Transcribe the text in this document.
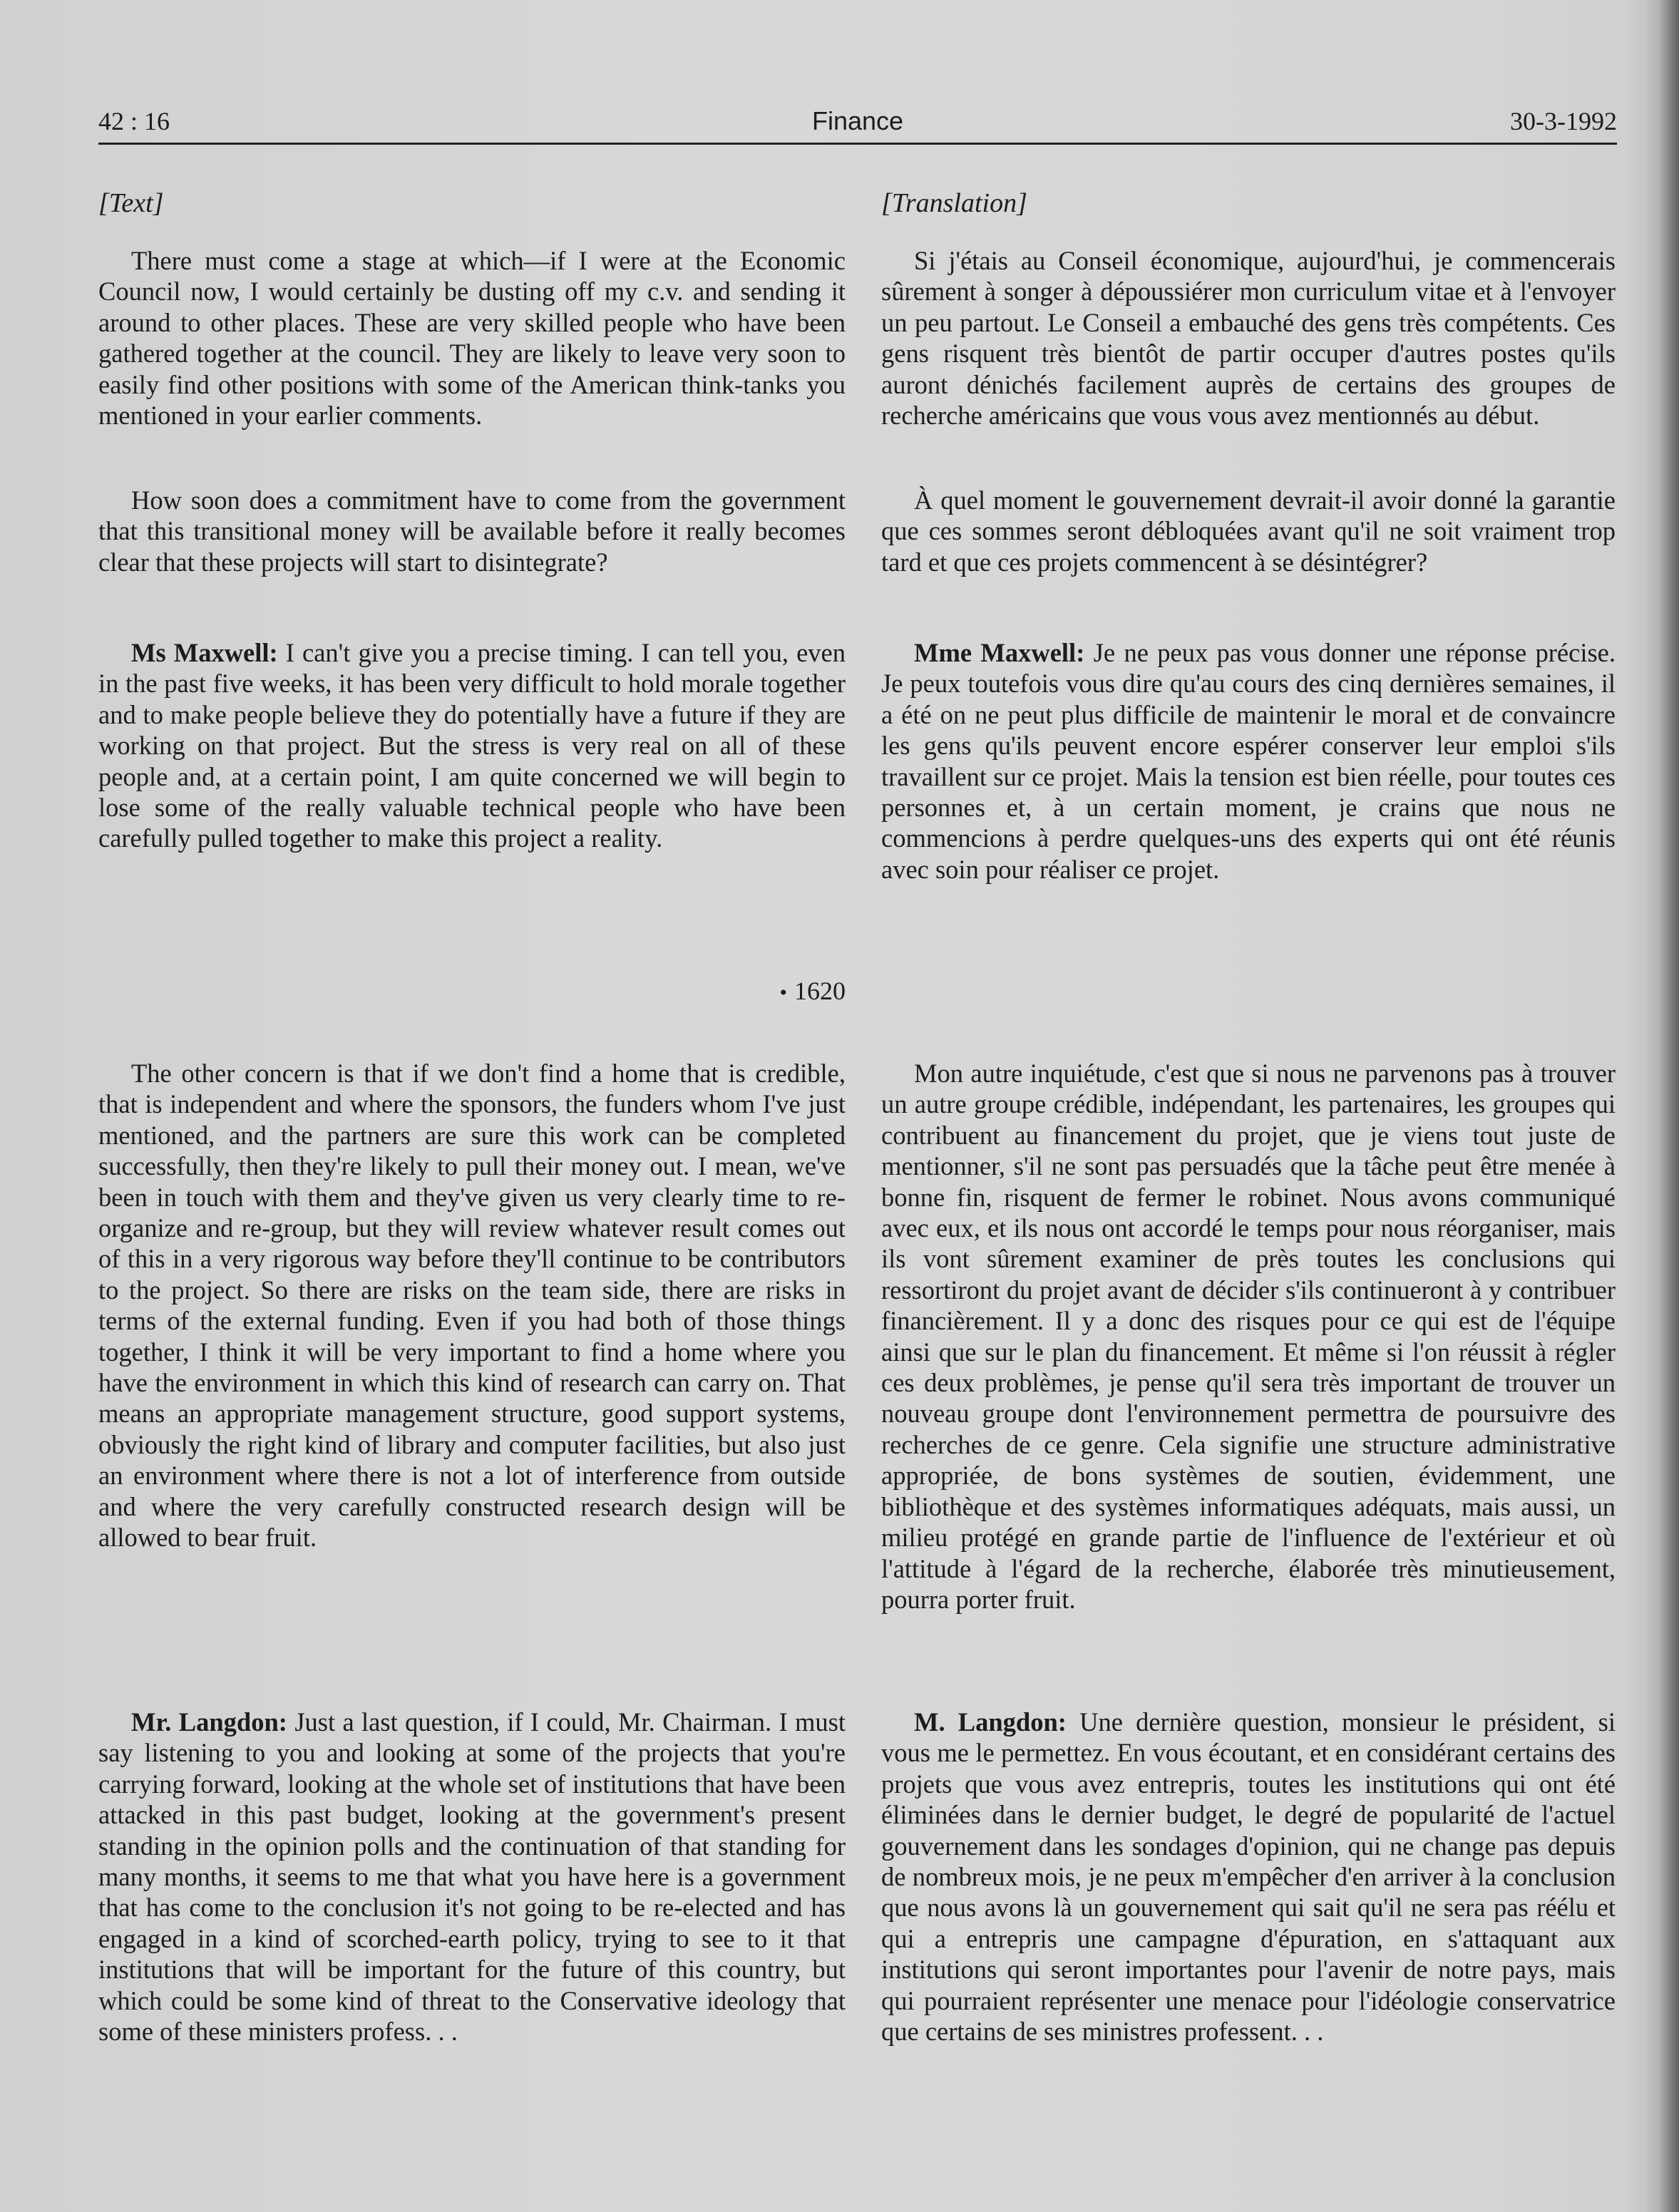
42 : 16	Finance	30-3-1992

[Text]

There must come a stage at which—if I were at the Economic Council now, I would certainly be dusting off my c.v. and sending it around to other places. These are very skilled people who have been gathered together at the council. They are likely to leave very soon to easily find other positions with some of the American think-tanks you mentioned in your earlier comments.

How soon does a commitment have to come from the government that this transitional money will be available before it really becomes clear that these projects will start to disintegrate?

Ms Maxwell: I can't give you a precise timing. I can tell you, even in the past five weeks, it has been very difficult to hold morale together and to make people believe they do potentially have a future if they are working on that project. But the stress is very real on all of these people and, at a certain point, I am quite concerned we will begin to lose some of the really valuable technical people who have been carefully pulled together to make this project a reality.

• 1620

The other concern is that if we don't find a home that is credible, that is independent and where the sponsors, the funders whom I've just mentioned, and the partners are sure this work can be completed successfully, then they're likely to pull their money out. I mean, we've been in touch with them and they've given us very clearly time to re-organize and re-group, but they will review whatever result comes out of this in a very rigorous way before they'll continue to be contributors to the project. So there are risks on the team side, there are risks in terms of the external funding. Even if you had both of those things together, I think it will be very important to find a home where you have the environment in which this kind of research can carry on. That means an appropriate management structure, good support systems, obviously the right kind of library and computer facilities, but also just an environment where there is not a lot of interference from outside and where the very carefully constructed research design will be allowed to bear fruit.

Mr. Langdon: Just a last question, if I could, Mr. Chairman. I must say listening to you and looking at some of the projects that you're carrying forward, looking at the whole set of institutions that have been attacked in this past budget, looking at the government's present standing in the opinion polls and the continuation of that standing for many months, it seems to me that what you have here is a government that has come to the conclusion it's not going to be re-elected and has engaged in a kind of scorched-earth policy, trying to see to it that institutions that will be important for the future of this country, but which could be some kind of threat to the Conservative ideology that some of these ministers profess. . .

[Translation]

Si j'étais au Conseil économique, aujourd'hui, je commencerais sûrement à songer à dépoussiérer mon curriculum vitae et à l'envoyer un peu partout. Le Conseil a embauché des gens très compétents. Ces gens risquent très bientôt de partir occuper d'autres postes qu'ils auront dénichés facilement auprès de certains des groupes de recherche américains que vous vous avez mentionnés au début.

À quel moment le gouvernement devrait-il avoir donné la garantie que ces sommes seront débloquées avant qu'il ne soit vraiment trop tard et que ces projets commencent à se désintégrer?

Mme Maxwell: Je ne peux pas vous donner une réponse précise. Je peux toutefois vous dire qu'au cours des cinq dernières semaines, il a été on ne peut plus difficile de maintenir le moral et de convaincre les gens qu'ils peuvent encore espérer conserver leur emploi s'ils travaillent sur ce projet. Mais la tension est bien réelle, pour toutes ces personnes et, à un certain moment, je crains que nous ne commencions à perdre quelques-uns des experts qui ont été réunis avec soin pour réaliser ce projet.

Mon autre inquiétude, c'est que si nous ne parvenons pas à trouver un autre groupe crédible, indépendant, les partenaires, les groupes qui contribuent au financement du projet, que je viens tout juste de mentionner, s'il ne sont pas persuadés que la tâche peut être menée à bonne fin, risquent de fermer le robinet. Nous avons communiqué avec eux, et ils nous ont accordé le temps pour nous réorganiser, mais ils vont sûrement examiner de près toutes les conclusions qui ressortiront du projet avant de décider s'ils continueront à y contribuer financièrement. Il y a donc des risques pour ce qui est de l'équipe ainsi que sur le plan du financement. Et même si l'on réussit à régler ces deux problèmes, je pense qu'il sera très important de trouver un nouveau groupe dont l'environnement permettra de poursuivre des recherches de ce genre. Cela signifie une structure administrative appropriée, de bons systèmes de soutien, évidemment, une bibliothèque et des systèmes informatiques adéquats, mais aussi, un milieu protégé en grande partie de l'influence de l'extérieur et où l'attitude à l'égard de la recherche, élaborée très minutieusement, pourra porter fruit.

M. Langdon: Une dernière question, monsieur le président, si vous me le permettez. En vous écoutant, et en considérant certains des projets que vous avez entrepris, toutes les institutions qui ont été éliminées dans le dernier budget, le degré de popularité de l'actuel gouvernement dans les sondages d'opinion, qui ne change pas depuis de nombreux mois, je ne peux m'empêcher d'en arriver à la conclusion que nous avons là un gouvernement qui sait qu'il ne sera pas réélu et qui a entrepris une campagne d'épuration, en s'attaquant aux institutions qui seront importantes pour l'avenir de notre pays, mais qui pourraient représenter une menace pour l'idéologie conservatrice que certains de ses ministres professent. . .
